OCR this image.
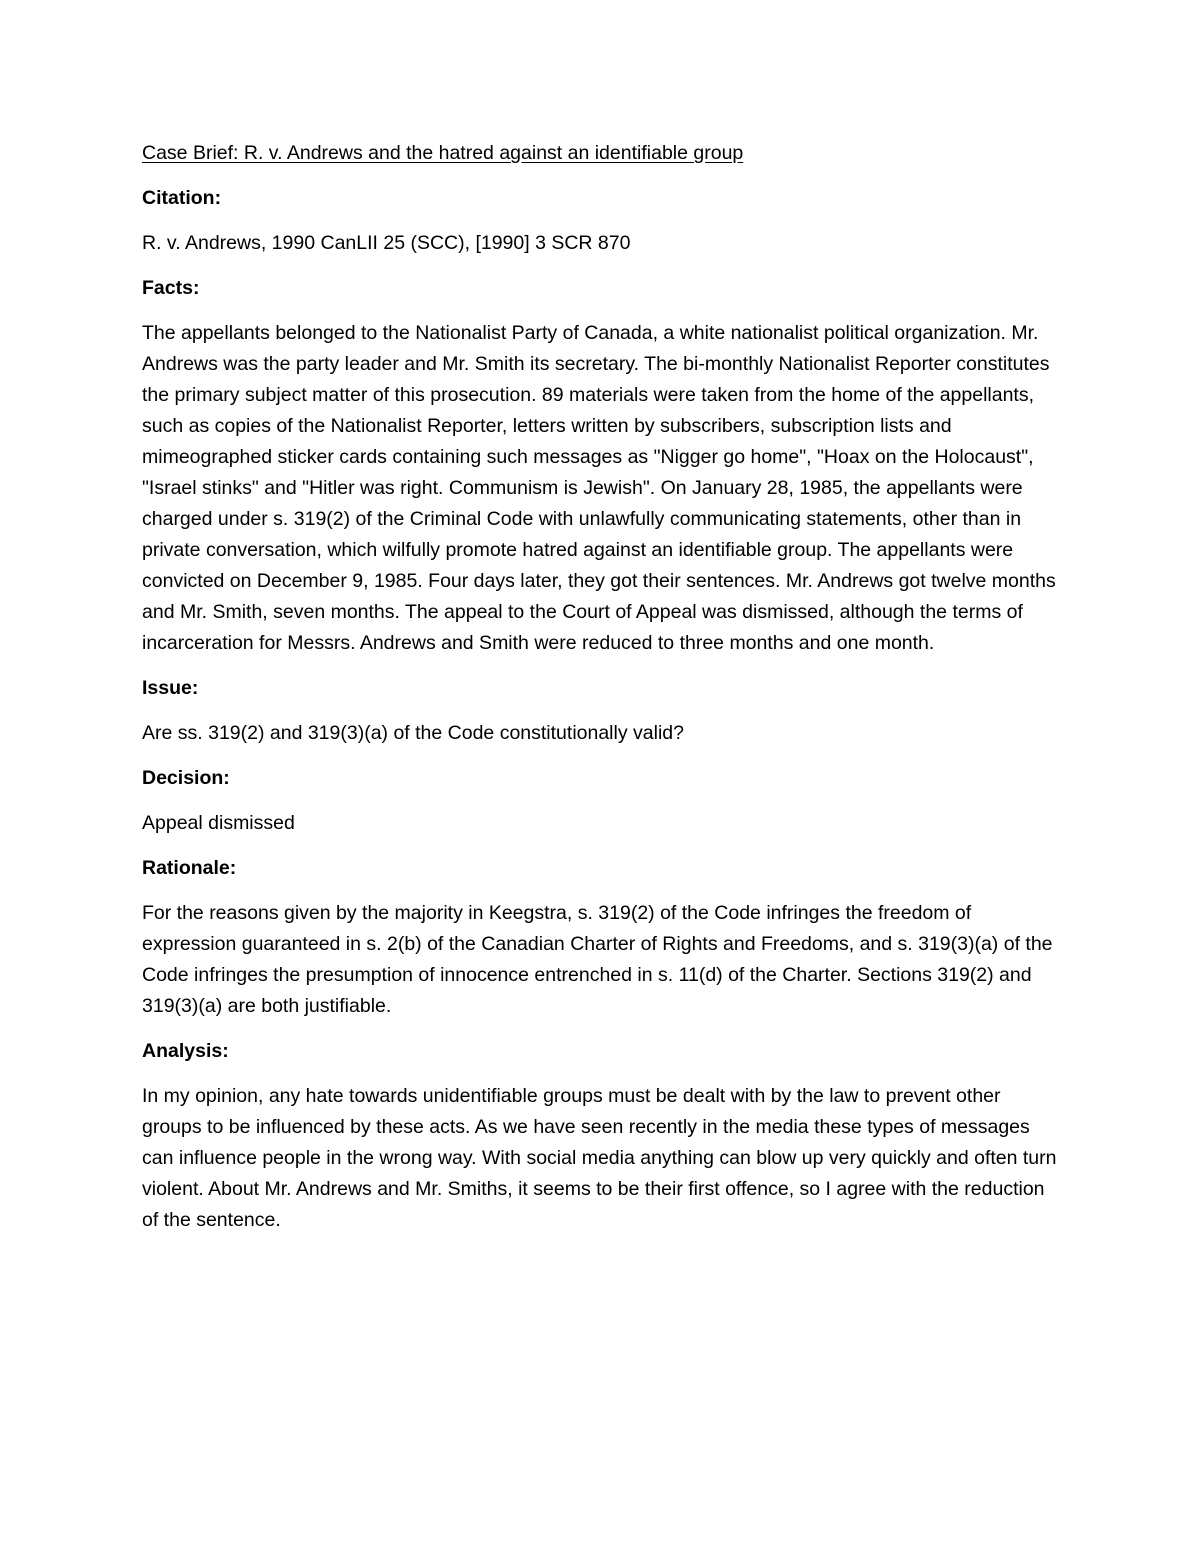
Case Brief: R. v. Andrews and the hatred against an identifiable group

Citation:

R. v. Andrews, 1990 CanLII 25 (SCC), [1990] 3 SCR 870

Facts:

The appellants belonged to the Nationalist Party of Canada, a white nationalist political organization. Mr. Andrews was the party leader and Mr. Smith its secretary. The bi-monthly Nationalist Reporter constitutes the primary subject matter of this prosecution. 89 materials were taken from the home of the appellants, such as copies of the Nationalist Reporter, letters written by subscribers, subscription lists and mimeographed sticker cards containing such messages as "Nigger go home", "Hoax on the Holocaust", "Israel stinks" and "Hitler was right. Communism is Jewish". On January 28, 1985, the appellants were charged under s. 319(2) of the Criminal Code with unlawfully communicating statements, other than in private conversation, which wilfully promote hatred against an identifiable group. The appellants were convicted on December 9, 1985. Four days later, they got their sentences. Mr. Andrews got twelve months and Mr. Smith, seven months. The appeal to the Court of Appeal was dismissed, although the terms of incarceration for Messrs. Andrews and Smith were reduced to three months and one month.

Issue:

Are ss. 319(2) and 319(3)(a) of the Code constitutionally valid?

Decision:

Appeal dismissed

Rationale:

For the reasons given by the majority in Keegstra, s. 319(2) of the Code infringes the freedom of expression guaranteed in s. 2(b) of the Canadian Charter of Rights and Freedoms, and s. 319(3)(a) of the Code infringes the presumption of innocence entrenched in s. 11(d) of the Charter. Sections 319(2) and 319(3)(a) are both justifiable.

Analysis:

In my opinion, any hate towards unidentifiable groups must be dealt with by the law to prevent other groups to be influenced by these acts. As we have seen recently in the media these types of messages can influence people in the wrong way. With social media anything can blow up very quickly and often turn violent. About Mr. Andrews and Mr. Smiths, it seems to be their first offence, so I agree with the reduction of the sentence.
